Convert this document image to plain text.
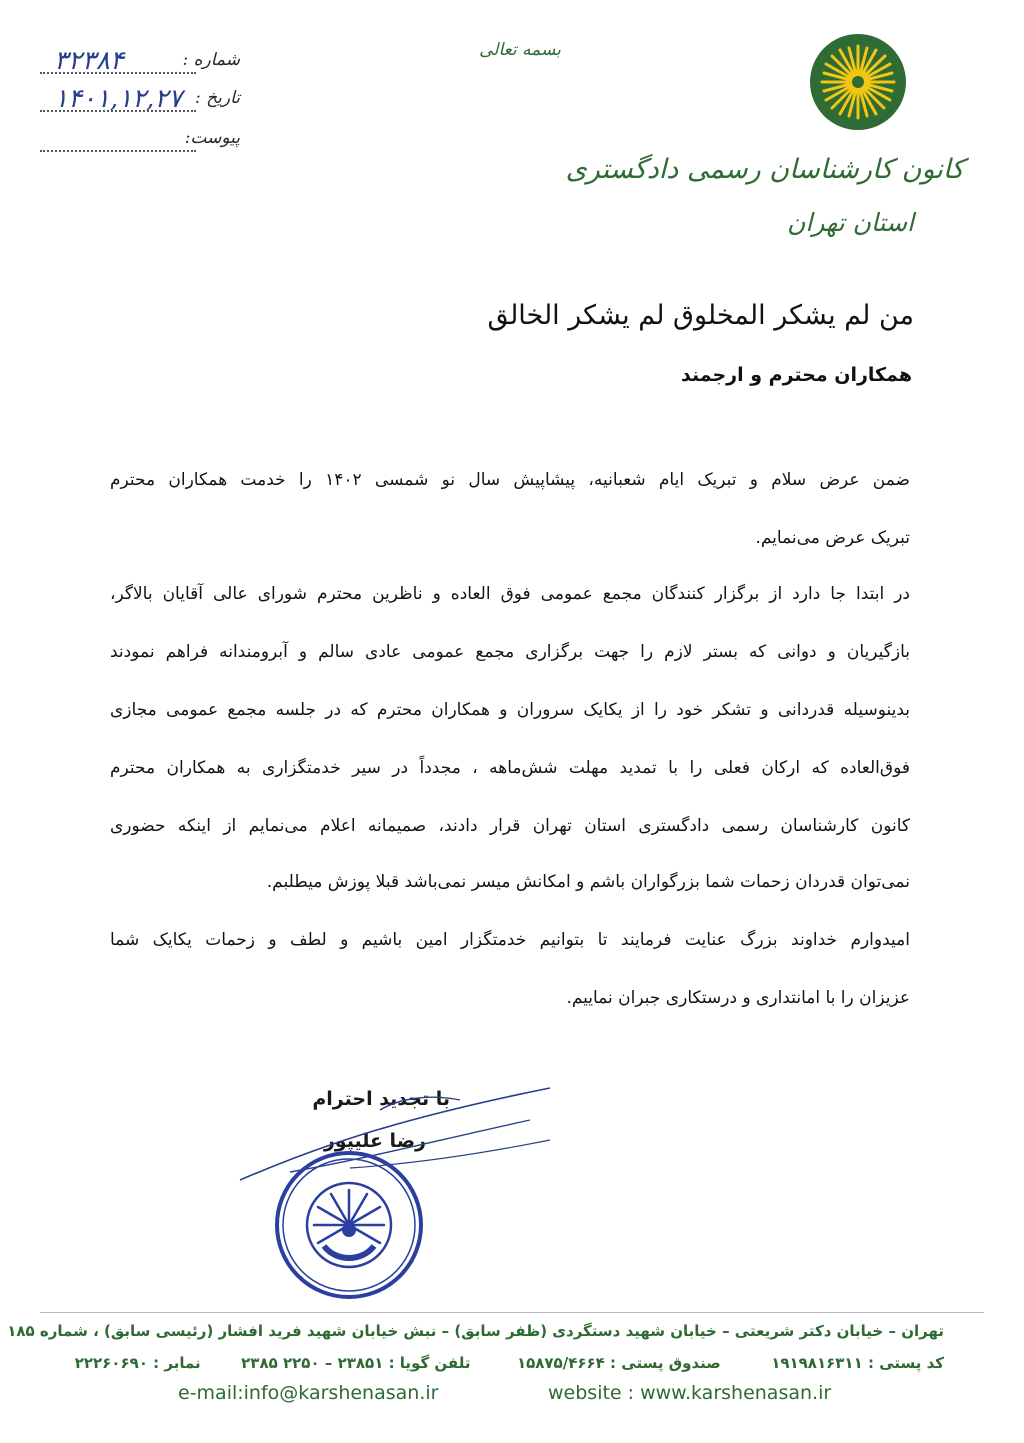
شماره :
۳۲۳۸۴
تاریخ :
۱۴۰۱,۱۲,۲۷
پیوست:
بسمه تعالی
کانون کارشناسان رسمی دادگستری
استان تهران
من لم یشکر المخلوق لم یشکر الخالق
همکاران محترم و ارجمند
ضمن عرض سلام و تبریک ایام شعبانیه، پیشاپیش سال نو شمسی ۱۴۰۲ را خدمت همکاران محترم
تبریک عرض می‌نمایم.
در ابتدا جا دارد از برگزار کنندگان مجمع عمومی فوق العاده و ناظرین محترم شورای عالی آقایان بالاگر،
بازگیریان و دوانی که بستر لازم را جهت برگزاری مجمع عمومی عادی سالم و آبرومندانه فراهم نمودند
بدینوسیله قدردانی و تشکر خود را از یکایک سروران و همکاران محترم که در جلسه مجمع عمومی مجازی
فوق‌العاده که ارکان فعلی را با تمدید مهلت شش‌ماهه ، مجدداً در سیر خدمتگزاری به همکاران محترم
کانون کارشناسان رسمی دادگستری استان تهران قرار دادند، صمیمانه اعلام می‌نمایم از اینکه حضوری
نمی‌توان قدردان زحمات شما بزرگواران باشم و امکانش میسر نمی‌باشد قبلا پوزش میطلبم.
امیدوارم خداوند بزرگ عنایت فرمایند تا بتوانیم خدمتگزار امین باشیم و لطف و زحمات یکایک شما
عزیزان را با امانتداری و درستکاری جبران نماییم.
با تجدید احترام
رضا علیپور
تهران – خیابان دکتر شریعتی – خیابان شهید دستگردی (ظفر سابق) – نبش خیابان شهید فرید افشار (رئیسی سابق) ، شماره ۱۸۵
کد پستی : ۱۹۱۹۸۱۶۳۱۱  صندوق پستی : ۱۵۸۷۵/۴۶۶۴  تلفن گویا : ۲۳۸۵۱ – ۲۲۵۰ ۲۳۸۵  نمابر : ۲۲۲۶۰۶۹۰
e-mail:info@karshenasan.ir	website : www.karshenasan.ir
